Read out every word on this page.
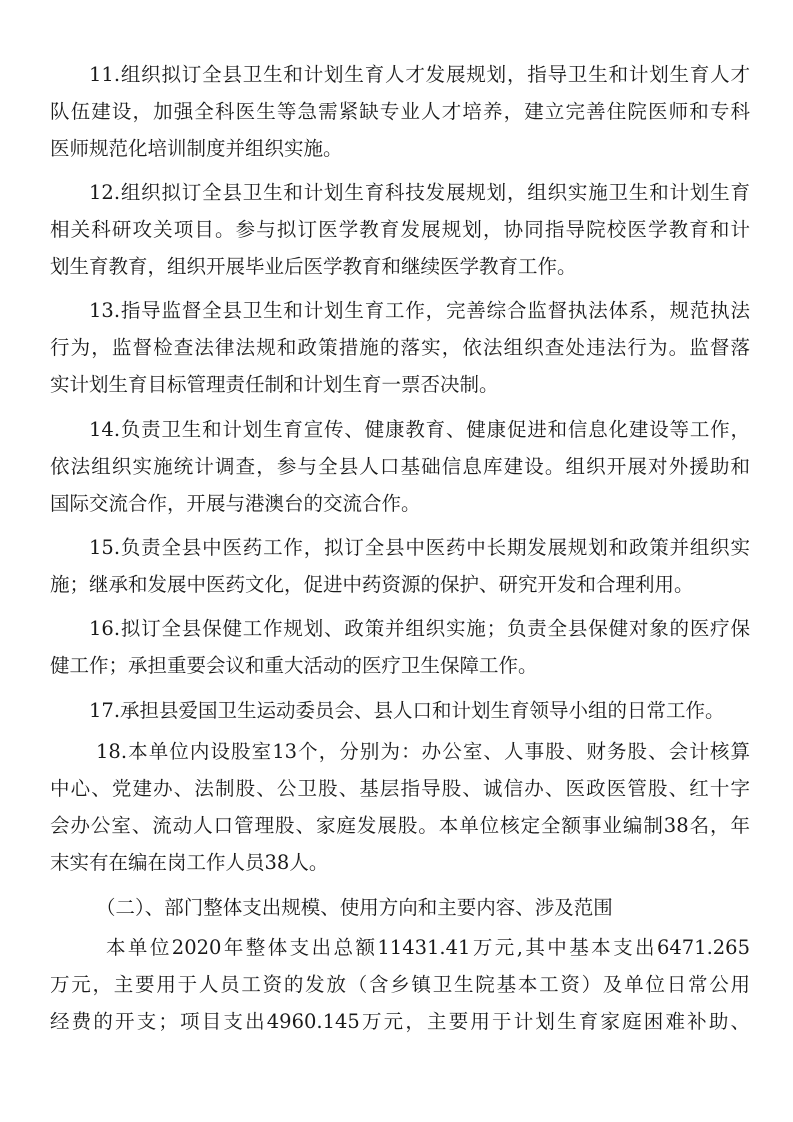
11.组织拟订全县卫生和计划生育人才发展规划，指导卫生和计划生育人才
队伍建设，加强全科医生等急需紧缺专业人才培养，建立完善住院医师和专科
医师规范化培训制度并组织实施。
12.组织拟订全县卫生和计划生育科技发展规划，组织实施卫生和计划生育
相关科研攻关项目。参与拟订医学教育发展规划，协同指导院校医学教育和计
划生育教育，组织开展毕业后医学教育和继续医学教育工作。
13.指导监督全县卫生和计划生育工作，完善综合监督执法体系，规范执法
行为，监督检查法律法规和政策措施的落实，依法组织查处违法行为。监督落
实计划生育目标管理责任制和计划生育一票否决制。
14.负责卫生和计划生育宣传、健康教育、健康促进和信息化建设等工作，
依法组织实施统计调查，参与全县人口基础信息库建设。组织开展对外援助和
国际交流合作，开展与港澳台的交流合作。
15.负责全县中医药工作，拟订全县中医药中长期发展规划和政策并组织实
施；继承和发展中医药文化，促进中药资源的保护、研究开发和合理利用。
16.拟订全县保健工作规划、政策并组织实施；负责全县保健对象的医疗保
健工作；承担重要会议和重大活动的医疗卫生保障工作。
17.承担县爱国卫生运动委员会、县人口和计划生育领导小组的日常工作。
18.本单位内设股室13个，分别为：办公室、人事股、财务股、会计核算
中心、党建办、法制股、公卫股、基层指导股、诚信办、医政医管股、红十字
会办公室、流动人口管理股、家庭发展股。本单位核定全额事业编制38名，年
末实有在编在岗工作人员38人。
（二）、部门整体支出规模、使用方向和主要内容、涉及范围
本单位2020年整体支出总额11431.41万元,其中基本支出6471.265
万元，主要用于人员工资的发放（含乡镇卫生院基本工资）及单位日常公用
经费的开支；项目支出4960.145万元，主要用于计划生育家庭困难补助、
